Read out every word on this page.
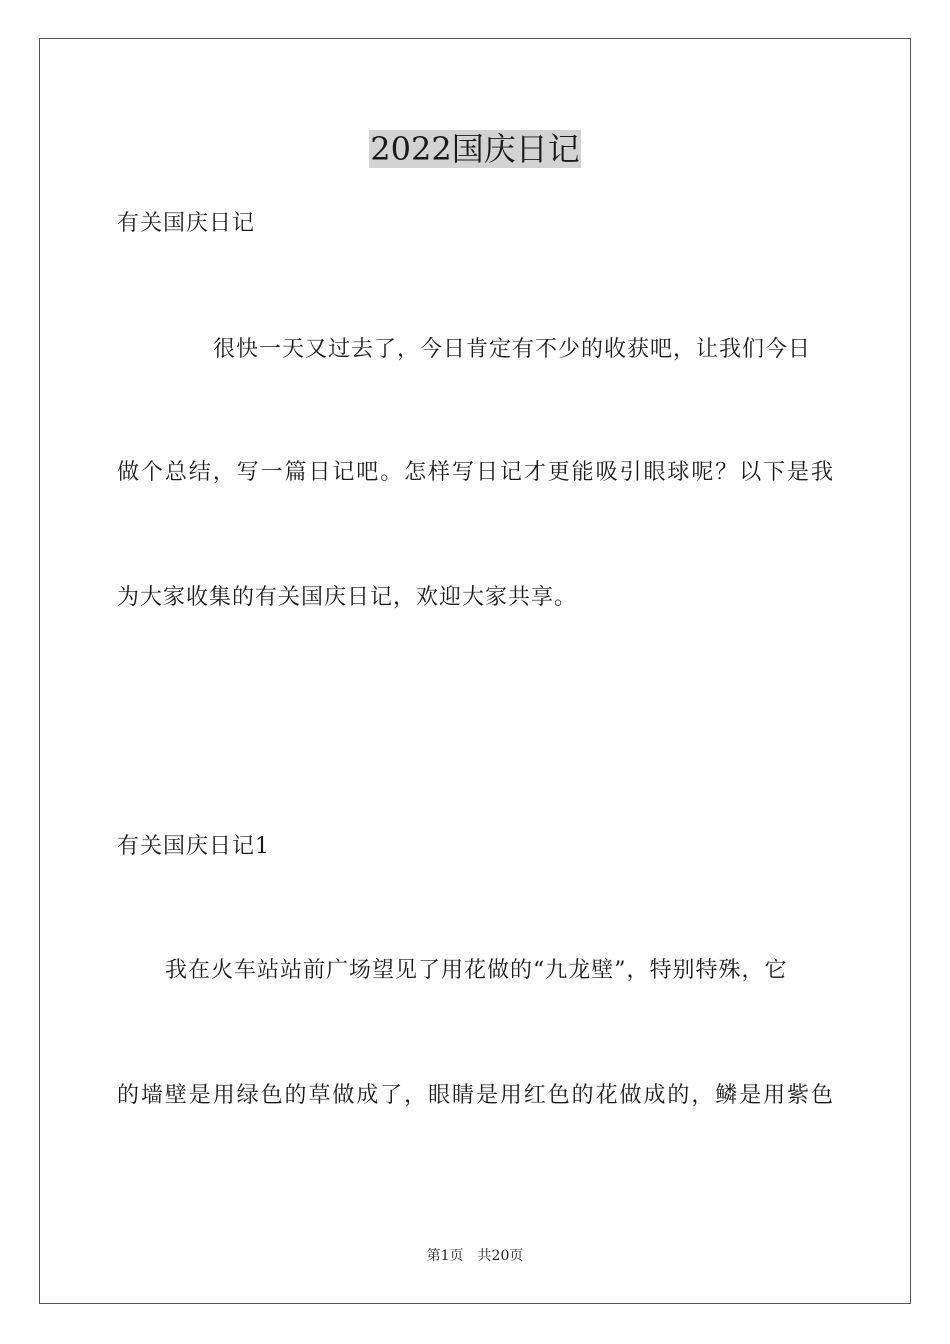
2022国庆日记
有关国庆日记
很快一天又过去了，今日肯定有不少的收获吧，让我们今日
做个总结，写一篇日记吧。怎样写日记才更能吸引眼球呢？以下是我
为大家收集的有关国庆日记，欢迎大家共享。
有关国庆日记1
我在火车站站前广场望见了用花做的“九龙壁”，特别特殊，它
的墙壁是用绿色的草做成了，眼睛是用红色的花做成的，鳞是用紫色
第1页　共20页
